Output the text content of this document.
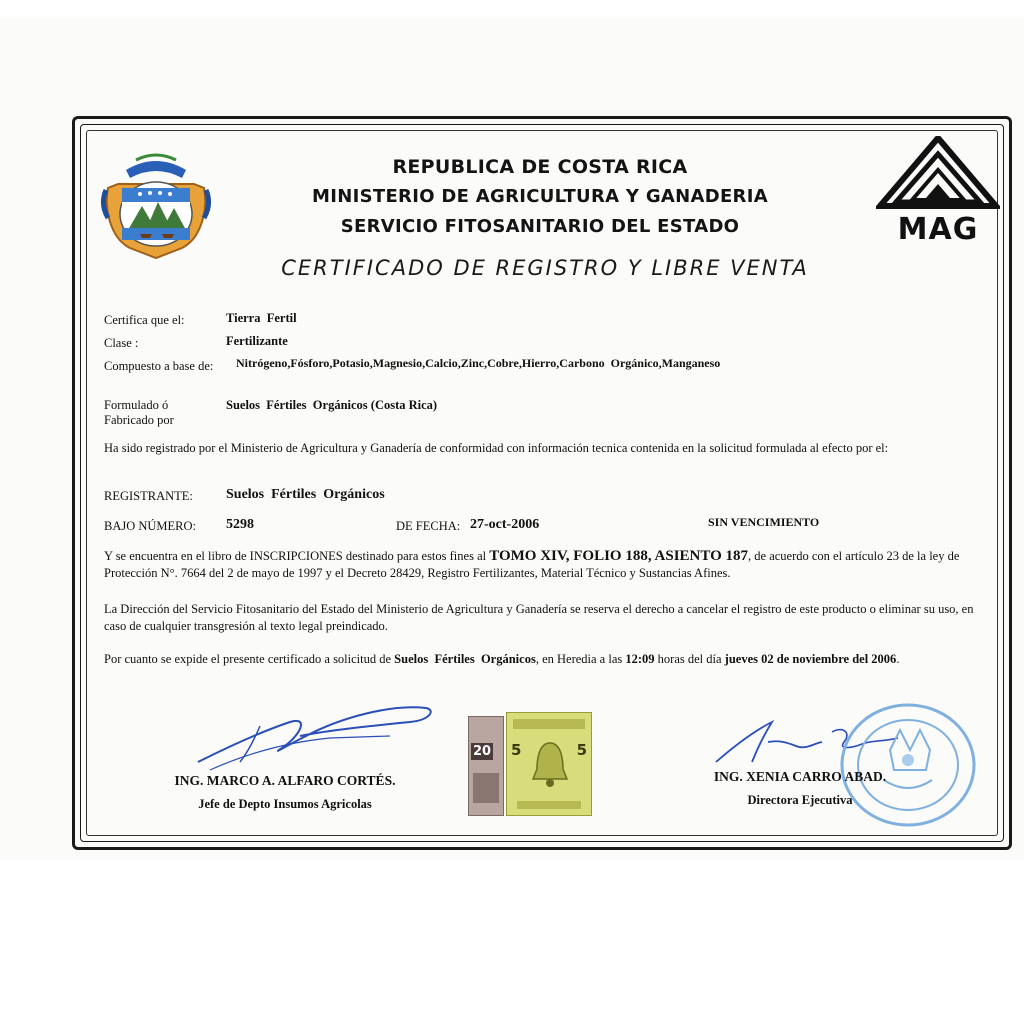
MAG
REPUBLICA DE COSTA RICA
MINISTERIO DE AGRICULTURA Y GANADERIA
SERVICIO FITOSANITARIO DEL ESTADO
CERTIFICADO DE REGISTRO Y LIBRE VENTA
Certifica que el:	Tierra  Fertil
Clase :	Fertilizante
Compuesto a base de: Nitrógeno,Fósforo,Potasio,Magnesio,Calcio,Zinc,Cobre,Hierro,Carbono  Orgánico,Manganeso
Formulado ó
Fabricado por
Suelos  Fértiles  Orgánicos (Costa Rica)
Ha sido registrado por el Ministerio de Agricultura y Ganadería de conformidad con información tecnica contenida en la solicitud formulada al efecto por el:
REGISTRANTE: Suelos  Fértiles  Orgánicos
BAJO NÚMERO: 5298	DE FECHA: 27-oct-2006	SIN VENCIMIENTO
Y se encuentra en el libro de INSCRIPCIONES destinado para estos fines al TOMO XIV, FOLIO 188, ASIENTO 187, de acuerdo con el artículo 23 de la ley de Protección N°. 7664 del 2 de mayo de 1997 y el Decreto 28429, Registro Fertilizantes, Material Técnico y Sustancias Afines.
La Dirección del Servicio Fitosanitario del Estado del Ministerio de Agricultura y Ganadería se reserva el derecho a cancelar el registro de este producto o eliminar su uso, en caso de cualquier transgresión al texto legal preindicado.
Por cuanto se expide el presente certificado a solicitud de Suelos  Fértiles  Orgánicos, en Heredia a las 12:09 horas del día jueves 02 de noviembre del 2006.
20 5	5
ING. MARCO A. ALFARO CORTÉS.
Jefe de Depto Insumos Agricolas
ING. XENIA CARRO ABAD.
Directora Ejecutiva
